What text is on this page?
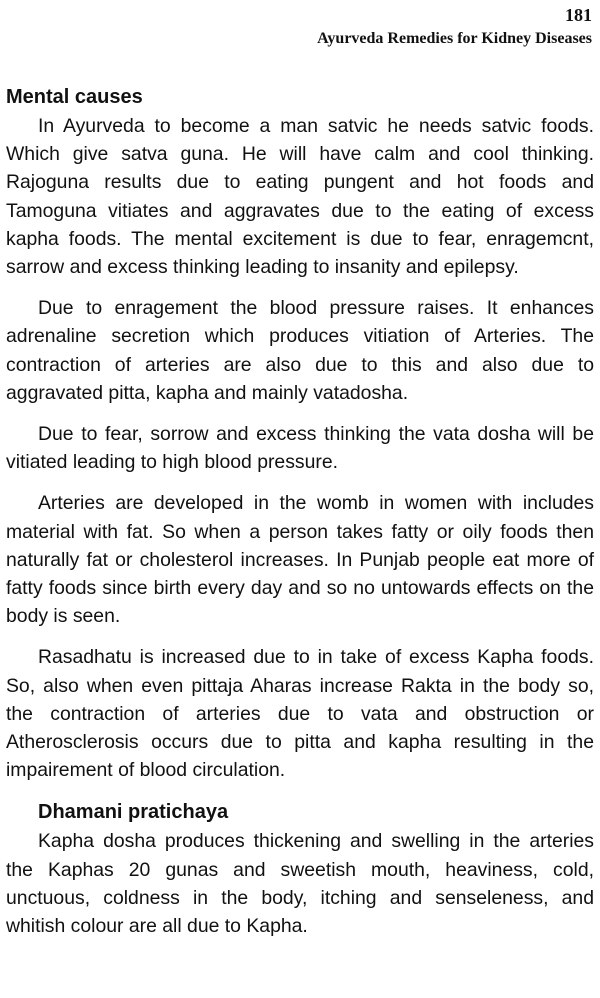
181
Ayurveda Remedies for Kidney Diseases
Mental causes

In Ayurveda to become a man satvic he needs satvic foods. Which give satva guna. He will have calm and cool thinking. Rajoguna results due to eating pungent and hot foods and Tamoguna vitiates and aggravates due to the eating of excess kapha foods. The mental excitement is due to fear, enragemcnt, sarrow and excess thinking leading to insanity and epilepsy.

Due to enragement the blood pressure raises. It enhances adrenaline secretion which produces vitiation of Arteries. The contraction of arteries are also due to this and also due to aggravated pitta, kapha and mainly vatadosha.

Due to fear, sorrow and excess thinking the vata dosha will be vitiated leading to high blood pressure.

Arteries are developed in the womb in women with includes material with fat. So when a person takes fatty or oily foods then naturally fat or cholesterol increases. In Punjab people eat more of fatty foods since birth every day and so no untowards effects on the body is seen.

Rasadhatu is increased due to in take of excess Kapha foods. So, also when even pittaja Aharas increase Rakta in the body so, the contraction of arteries due to vata and obstruction or Atherosclerosis occurs due to pitta and kapha resulting in the impairement of blood circulation.

Dhamani pratichaya

Kapha dosha produces thickening and swelling in the arteries the Kaphas 20 gunas and sweetish mouth, heaviness, cold, unctuous, coldness in the body, itching and senseleness, and whitish colour are all due to Kapha.
